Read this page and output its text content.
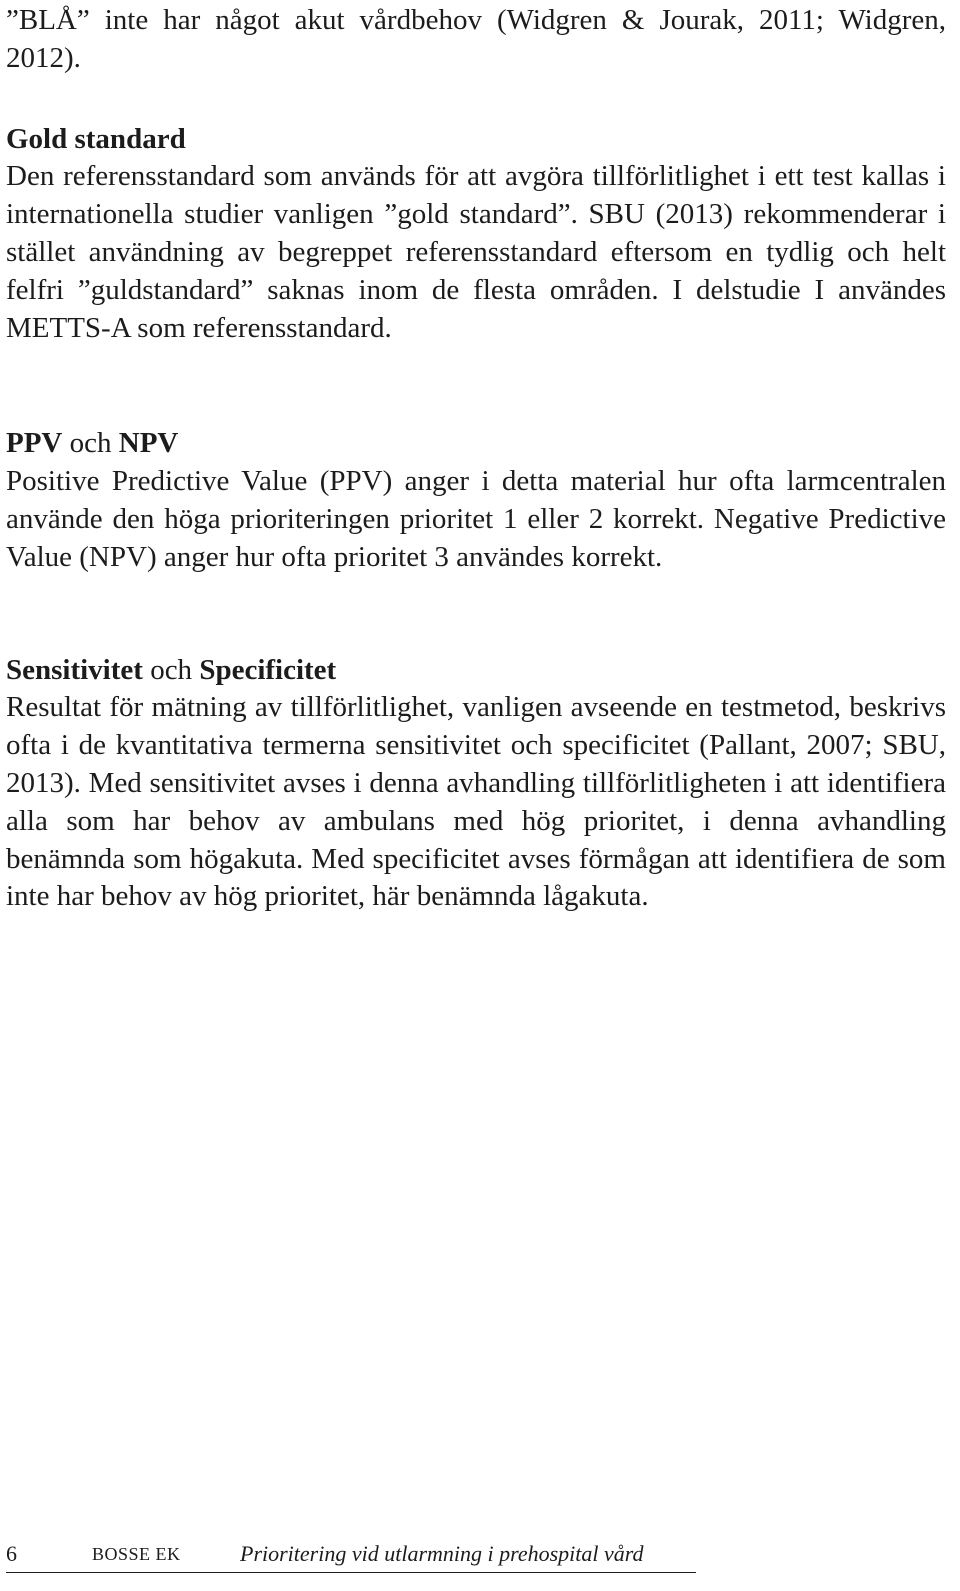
”BLÅ” inte har något akut vårdbehov (Widgren & Jourak, 2011; Widgren, 2012).

Gold standard

Den referensstandard som används för att avgöra tillförlitlighet i ett test kallas i internationella studier vanligen ”gold standard”. SBU (2013) rekommenderar i stället användning av begreppet referensstandard eftersom en tydlig och helt felfri ”guldstandard” saknas inom de flesta områden. I delstudie I användes METTS-A som referensstandard.

PPV och NPV

Positive Predictive Value (PPV) anger i detta material hur ofta larmcentralen använde den höga prioriteringen prioritet 1 eller 2 korrekt. Negative Predictive Value (NPV) anger hur ofta prioritet 3 användes korrekt.

Sensitivitet och Specificitet

Resultat för mätning av tillförlitlighet, vanligen avseende en testmetod, beskrivs ofta i de kvantitativa termerna sensitivitet och specificitet (Pallant, 2007; SBU, 2013). Med sensitivitet avses i denna avhandling tillförlitligheten i att identifiera alla som har behov av ambulans med hög prioritet, i denna avhandling benämnda som högakuta. Med specificitet avses förmågan att identifiera de som inte har behov av hög prioritet, här benämnda lågakuta.

6	BOSSE EK	Prioritering vid utlarmning i prehospital vård
